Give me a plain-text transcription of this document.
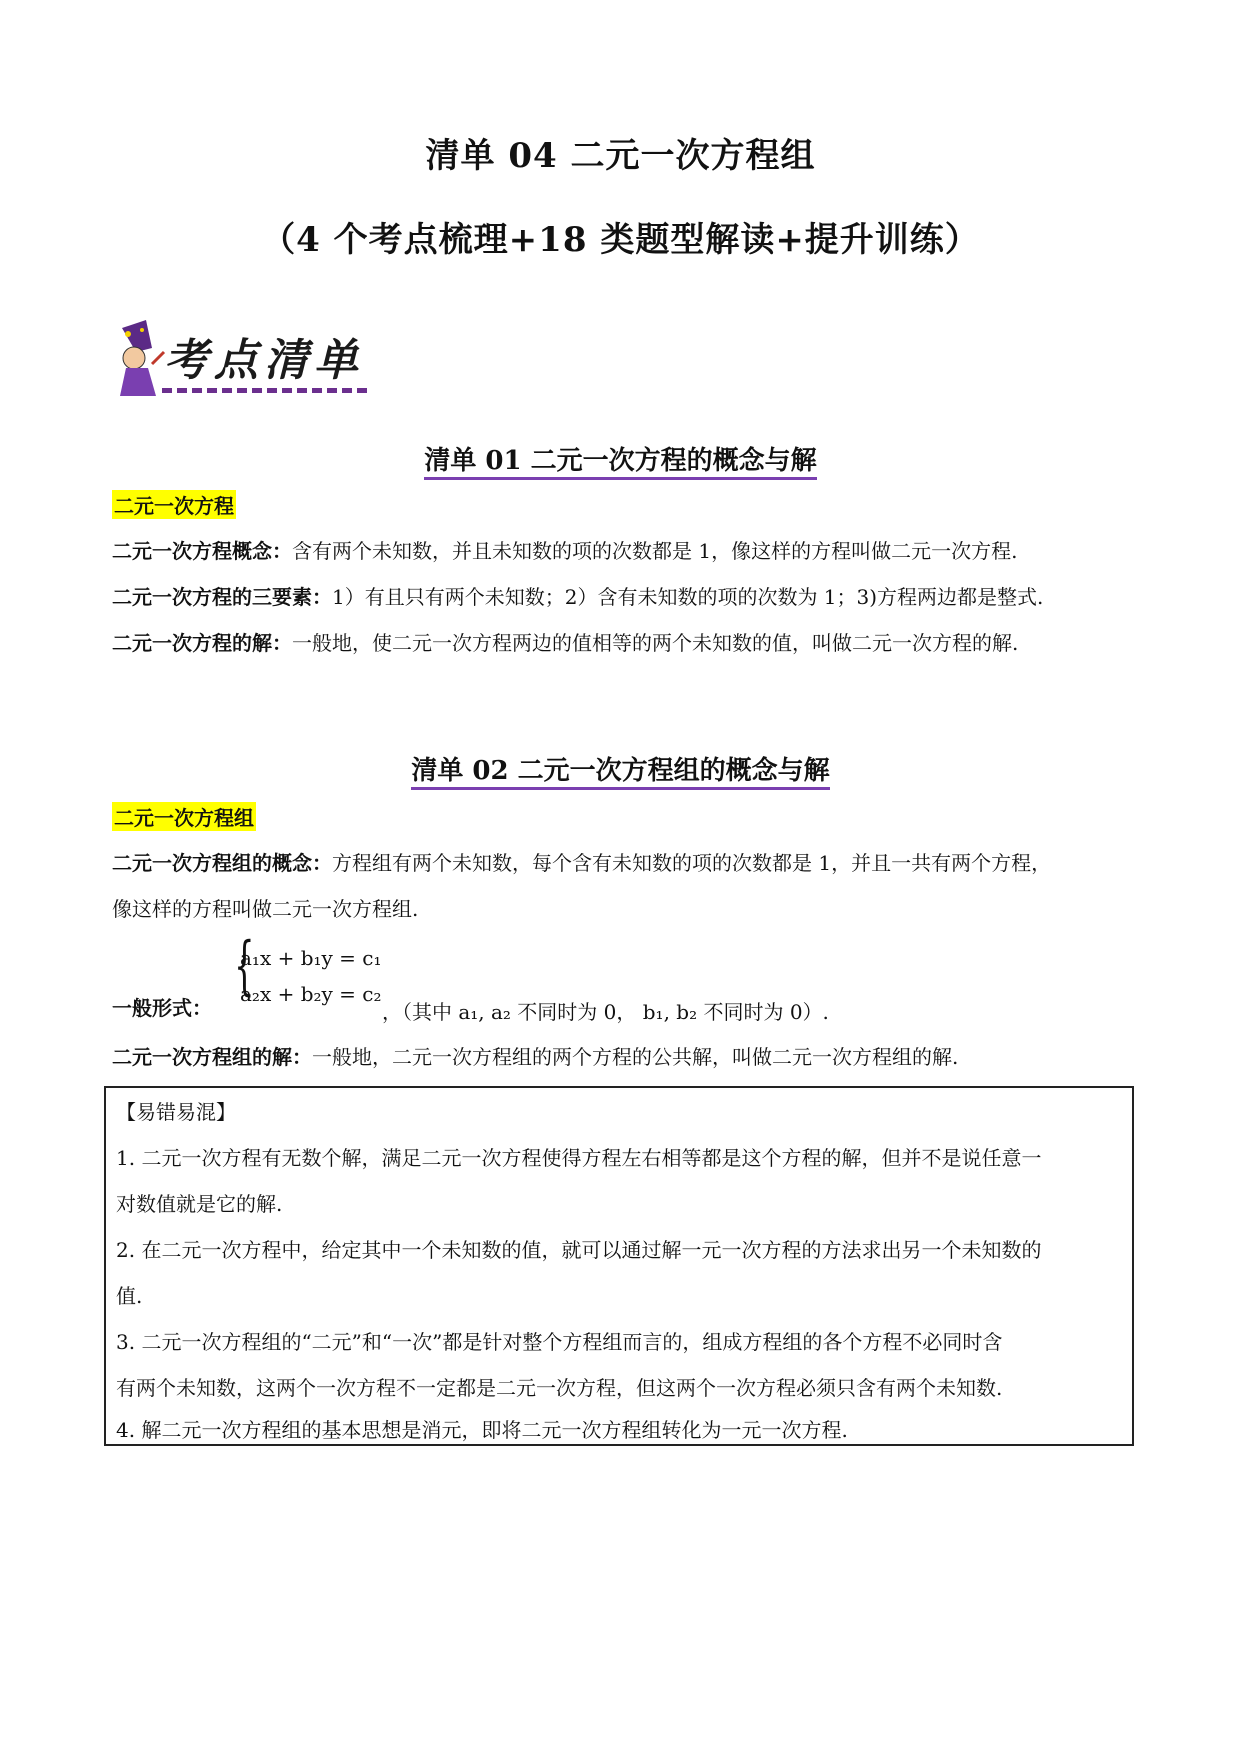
清单 04 二元一次方程组
（4 个考点梳理+18 类题型解读+提升训练）
考点清单
清单 01 二元一次方程的概念与解
二元一次方程
二元一次方程概念：含有两个未知数，并且未知数的项的次数都是 1，像这样的方程叫做二元一次方程.
二元一次方程的三要素：1）有且只有两个未知数；2）含有未知数的项的次数为 1；3)方程两边都是整式.
二元一次方程的解：一般地，使二元一次方程两边的值相等的两个未知数的值，叫做二元一次方程的解.
清单 02 二元一次方程组的概念与解
二元一次方程组
二元一次方程组的概念：方程组有两个未知数，每个含有未知数的项的次数都是 1，并且一共有两个方程，
像这样的方程叫做二元一次方程组.
一般形式：
{
a₁x + b₁y = c₁
a₂x + b₂y = c₂
，（其中 a₁, a₂ 不同时为 0， b₁, b₂ 不同时为 0）.
二元一次方程组的解：一般地，二元一次方程组的两个方程的公共解，叫做二元一次方程组的解.
【易错易混】
1. 二元一次方程有无数个解，满足二元一次方程使得方程左右相等都是这个方程的解，但并不是说任意一
对数值就是它的解.
2. 在二元一次方程中，给定其中一个未知数的值，就可以通过解一元一次方程的方法求出另一个未知数的
值.
3. 二元一次方程组的“二元”和“一次”都是针对整个方程组而言的，组成方程组的各个方程不必同时含
有两个未知数，这两个一次方程不一定都是二元一次方程，但这两个一次方程必须只含有两个未知数.
4. 解二元一次方程组的基本思想是消元，即将二元一次方程组转化为一元一次方程.
